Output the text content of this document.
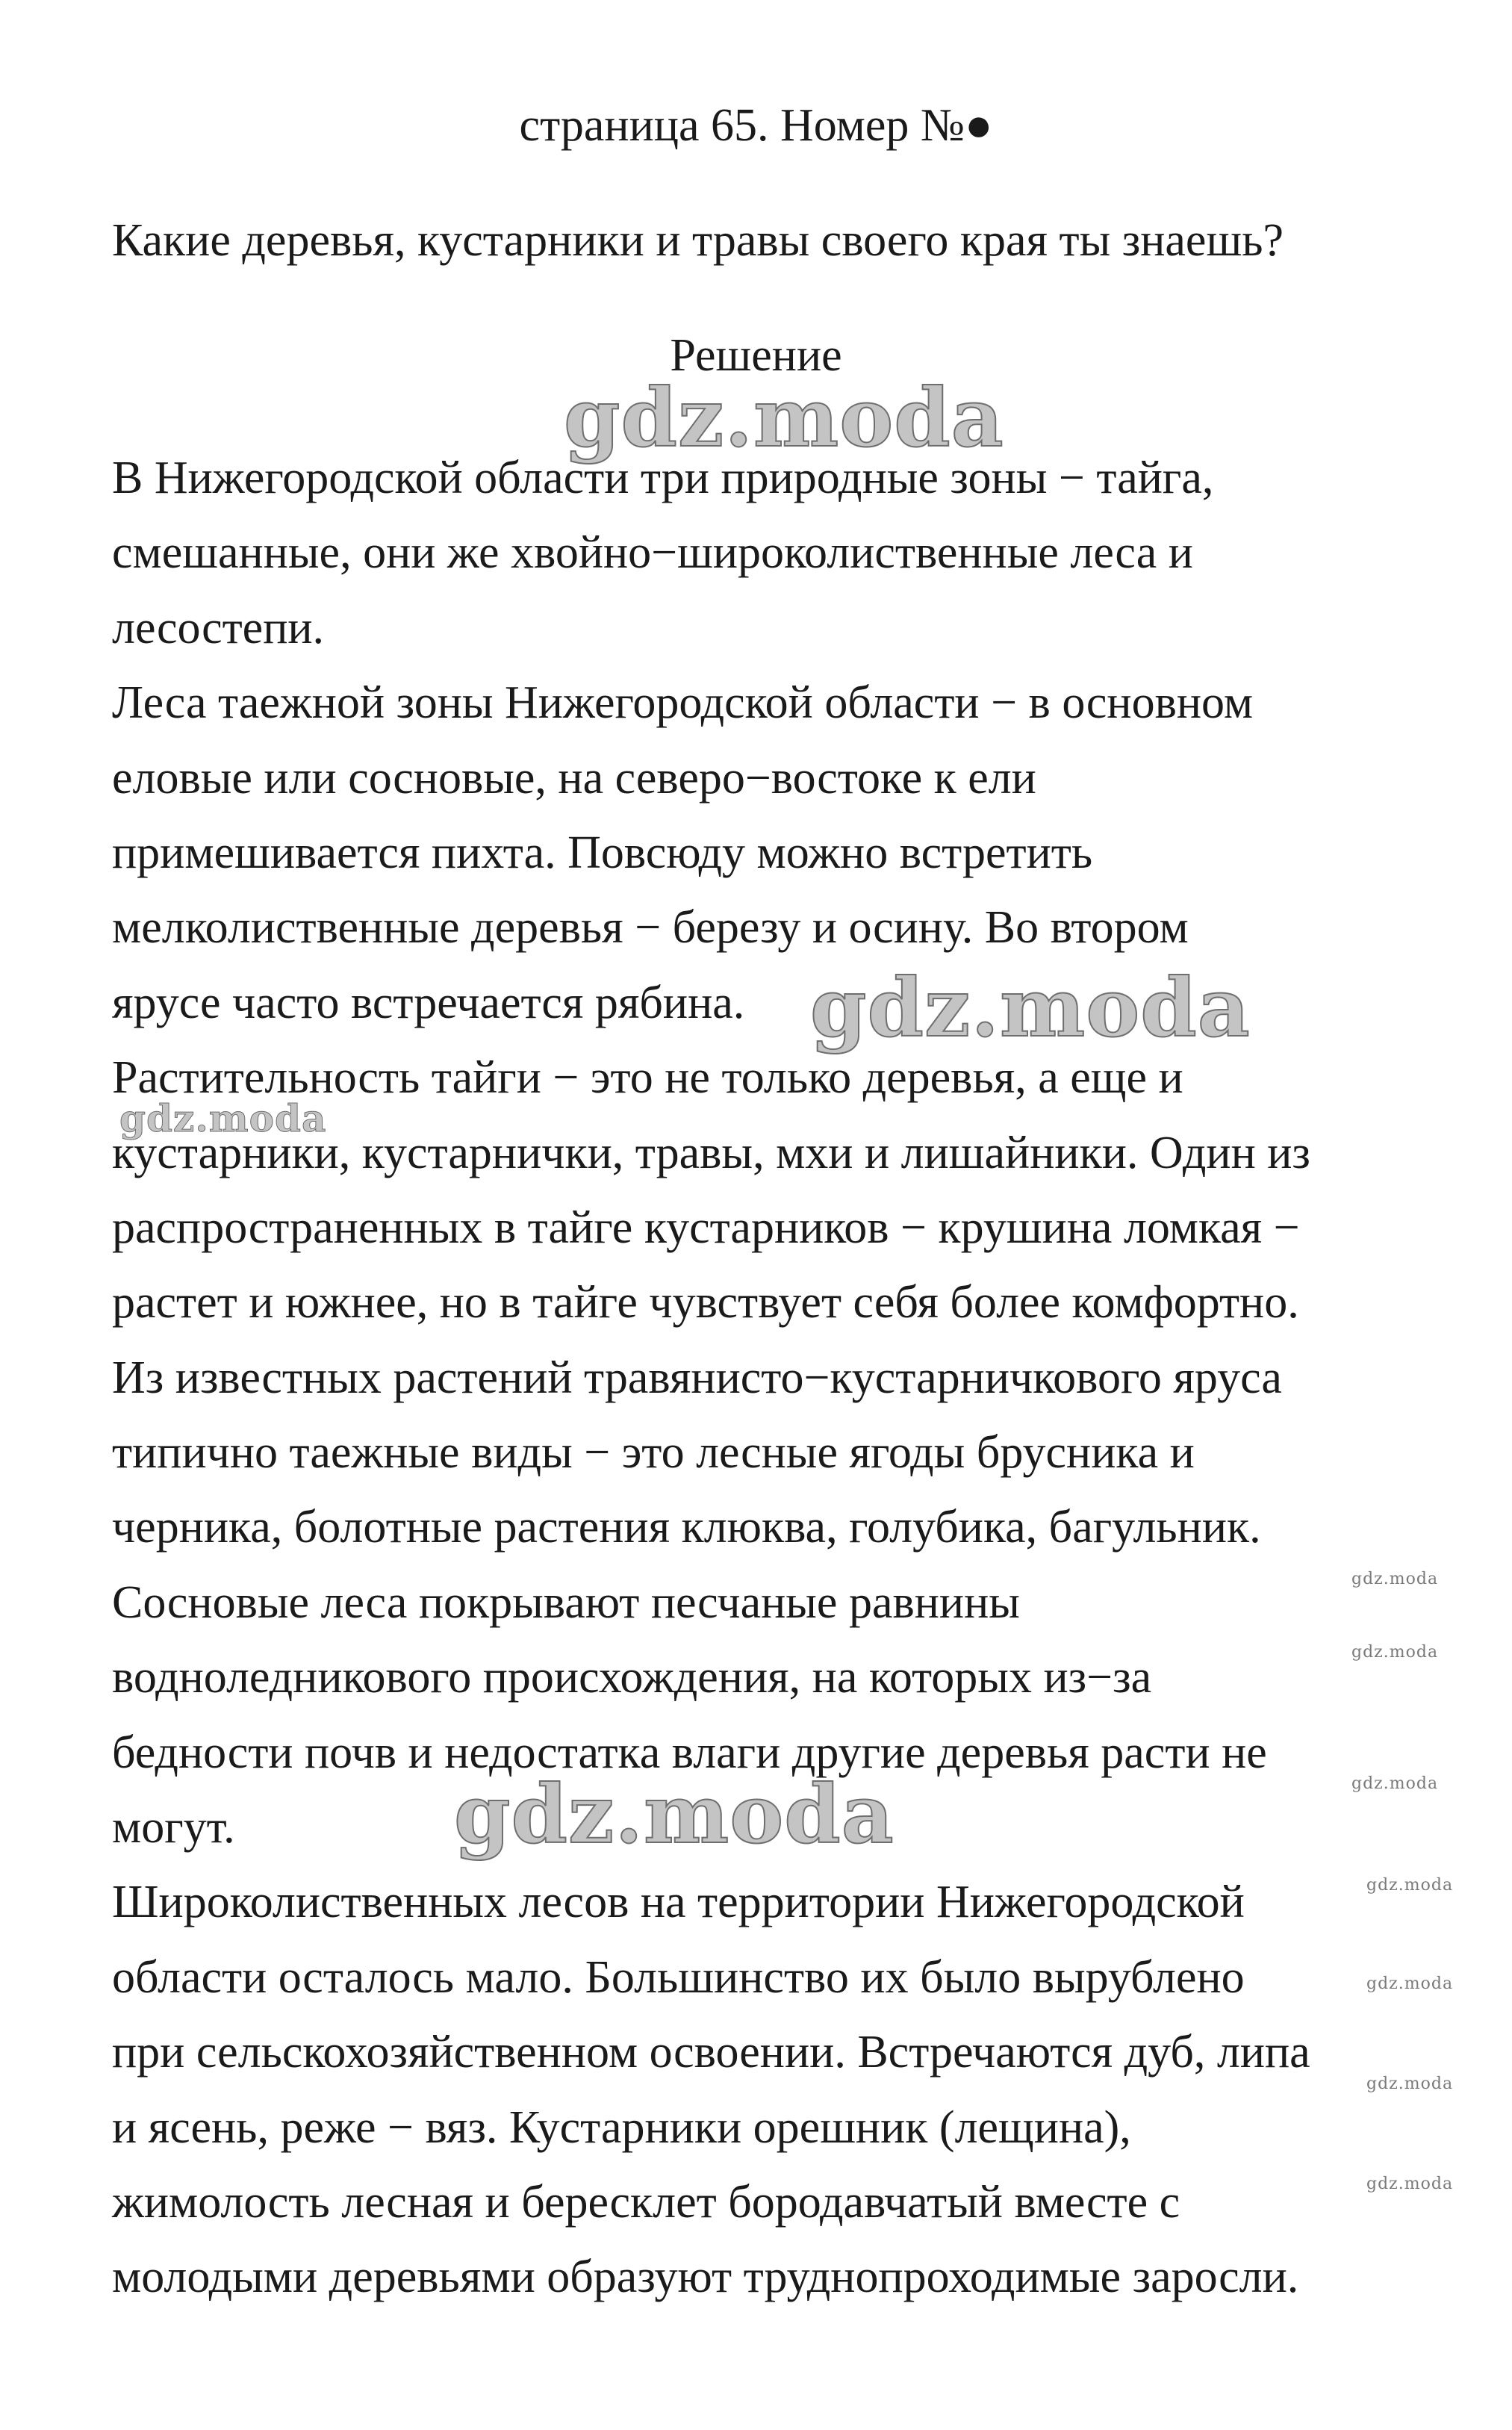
страница 65. Номер №●
Какие деревья, кустарники и травы своего края ты знаешь?
Решение
В Нижегородской области три природные зоны − тайга,
смешанные, они же хвойно−широколиственные леса и
лесостепи.
Леса таежной зоны Нижегородской области − в основном
еловые или сосновые, на северо−востоке к ели
примешивается пихта. Повсюду можно встретить
мелколиственные деревья − березу и осину. Во втором
ярусе часто встречается рябина.
Растительность тайги − это не только деревья, а еще и
кустарники, кустарнички, травы, мхи и лишайники. Один из
распространенных в тайге кустарников − крушина ломкая −
растет и южнее, но в тайге чувствует себя более комфортно.
Из известных растений травянисто−кустарничкового яруса
типично таежные виды − это лесные ягоды брусника и
черника, болотные растения клюква, голубика, багульник.
Сосновые леса покрывают песчаные равнины
водноледникового происхождения, на которых из−за
бедности почв и недостатка влаги другие деревья расти не
могут.
Широколиственных лесов на территории Нижегородской
области осталось мало. Большинство их было вырублено
при сельскохозяйственном освоении. Встречаются дуб, липа
и ясень, реже − вяз. Кустарники орешник (лещина),
жимолость лесная и бересклет бородавчатый вместе с
молодыми деревьями образуют труднопроходимые заросли.
gdz.moda
gdz.moda
gdz.moda
gdz.moda
gdz.moda
gdz.moda
gdz.moda
gdz.moda
gdz.moda
gdz.moda
gdz.moda
